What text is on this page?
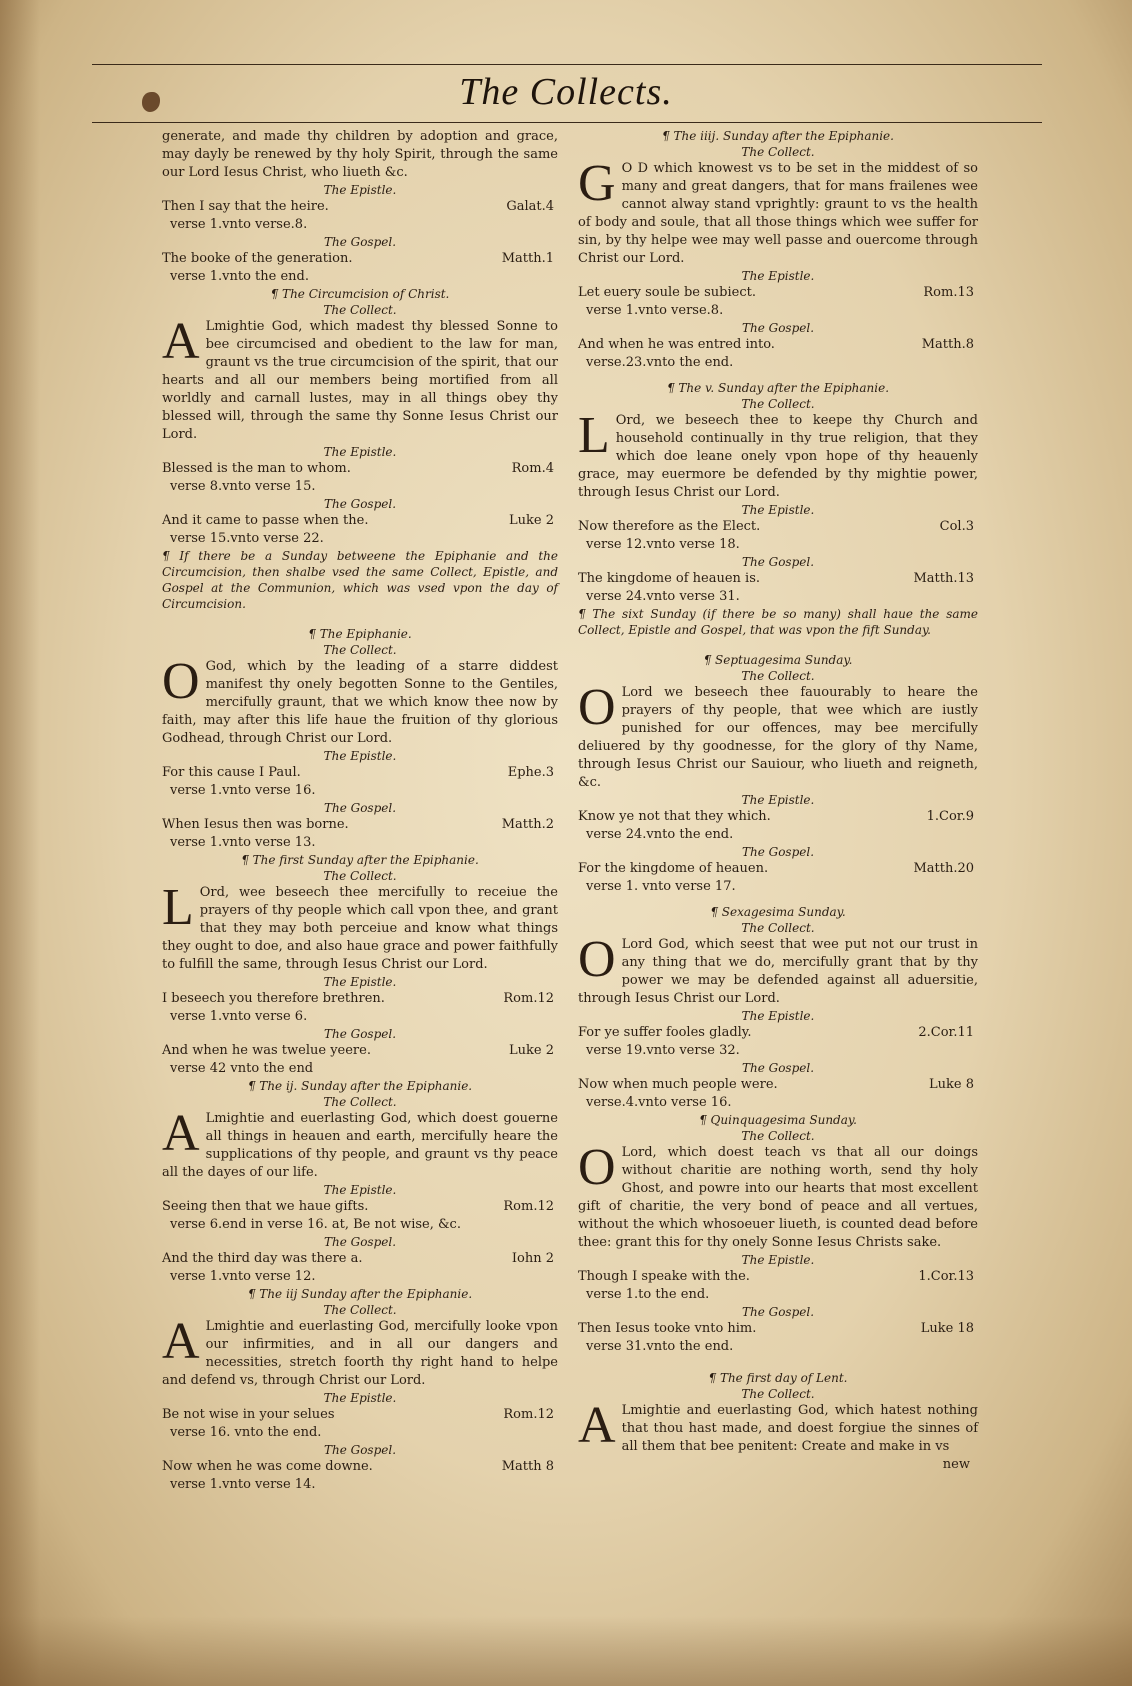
The Collects.

generate, and made thy children by adoption and grace, may dayly be renewed by thy holy Spirit, through the same our Lord Iesus Christ, who liueth &c.

The Epistle.

Then I say that the heire.	Galat.4

verse 1.vnto verse.8.

The Gospel.

The booke of the generation.	Matth.1

verse 1.vnto the end.

¶ The Circumcision of Christ.

The Collect.

A Lmightie God, which madest thy blessed Sonne to bee circumcised and obedient to the law for man, graunt vs the true circumcision of the spirit, that our hearts and all our members being mortified from all worldly and carnall lustes, may in all things obey thy blessed will, through the same thy Sonne Iesus Christ our Lord.

The Epistle.

Blessed is the man to whom.	Rom.4

verse 8.vnto verse 15.

The Gospel.

And it came to passe when the.	Luke 2

verse 15.vnto verse 22.

¶ If there be a Sunday betweene the Epiphanie and the Circumcision, then shalbe vsed the same Collect, Epistle, and Gospel at the Communion, which was vsed vpon the day of Circumcision.

¶ The Epiphanie.

The Collect.

O God, which by the leading of a starre diddest manifest thy onely begotten Sonne to the Gentiles, mercifully graunt, that we which know thee now by faith, may after this life haue the fruition of thy glorious Godhead, through Christ our Lord.

The Epistle.

For this cause I Paul.	Ephe.3

verse 1.vnto verse 16.

The Gospel.

When Iesus then was borne.	Matth.2

verse 1.vnto verse 13.

¶ The first Sunday after the Epiphanie.

The Collect.

L Ord, wee beseech thee mercifully to receiue the prayers of thy people which call vpon thee, and grant that they may both perceiue and know what things they ought to doe, and also haue grace and power faithfully to fulfill the same, through Iesus Christ our Lord.

The Epistle.

I beseech you therefore brethren.	Rom.12

verse 1.vnto verse 6.

The Gospel.

And when he was twelue yeere.	Luke 2

verse 42 vnto the end

¶ The ij. Sunday after the Epiphanie.

The Collect.

A Lmightie and euerlasting God, which doest gouerne all things in heauen and earth, mercifully heare the supplications of thy people, and graunt vs thy peace all the dayes of our life.

The Epistle.

Seeing then that we haue gifts.	Rom.12

verse 6.end in verse 16. at, Be not wise, &c.

The Gospel.

And the third day was there a.	Iohn 2

verse 1.vnto verse 12.

¶ The iij Sunday after the Epiphanie.

The Collect.

A Lmightie and euerlasting God, mercifully looke vpon our infirmities, and in all our dangers and necessities, stretch foorth thy right hand to helpe and defend vs, through Christ our Lord.

The Epistle.

Be not wise in your selues	Rom.12

verse 16. vnto the end.

The Gospel.

Now when he was come downe.	Matth 8

verse 1.vnto verse 14.

¶ The iiij. Sunday after the Epiphanie.

The Collect.

G O D which knowest vs to be set in the middest of so many and great dangers, that for mans frailenes wee cannot alway stand vprightly: graunt to vs the health of body and soule, that all those things which wee suffer for sin, by thy helpe wee may well passe and ouercome through Christ our Lord.

The Epistle.

Let euery soule be subiect.	Rom.13

verse 1.vnto verse.8.

The Gospel.

And when he was entred into.	Matth.8

verse.23.vnto the end.

¶ The v. Sunday after the Epiphanie.

The Collect.

L Ord, we beseech thee to keepe thy Church and household continually in thy true religion, that they which doe leane onely vpon hope of thy heauenly grace, may euermore be defended by thy mightie power, through Iesus Christ our Lord.

The Epistle.

Now therefore as the Elect.	Col.3

verse 12.vnto verse 18.

The Gospel.

The kingdome of heauen is.	Matth.13

verse 24.vnto verse 31.

¶ The sixt Sunday (if there be so many) shall haue the same Collect, Epistle and Gospel, that was vpon the fift Sunday.

¶ Septuagesima Sunday.

The Collect.

O Lord we beseech thee fauourably to heare the prayers of thy people, that wee which are iustly punished for our offences, may bee mercifully deliuered by thy goodnesse, for the glory of thy Name, through Iesus Christ our Sauiour, who liueth and reigneth, &c.

The Epistle.

Know ye not that they which.	1.Cor.9

verse 24.vnto the end.

The Gospel.

For the kingdome of heauen.	Matth.20

verse 1. vnto verse 17.

¶ Sexagesima Sunday.

The Collect.

O Lord God, which seest that wee put not our trust in any thing that we do, mercifully grant that by thy power we may be defended against all aduersitie, through Iesus Christ our Lord.

The Epistle.

For ye suffer fooles gladly.	2.Cor.11

verse 19.vnto verse 32.

The Gospel.

Now when much people were.	Luke 8

verse.4.vnto verse 16.

¶ Quinquagesima Sunday.

The Collect.

O Lord, which doest teach vs that all our doings without charitie are nothing worth, send thy holy Ghost, and powre into our hearts that most excellent gift of charitie, the very bond of peace and all vertues, without the which whosoeuer liueth, is counted dead before thee: grant this for thy onely Sonne Iesus Christs sake.

The Epistle.

Though I speake with the.	1.Cor.13

verse 1.to the end.

The Gospel.

Then Iesus tooke vnto him.	Luke 18

verse 31.vnto the end.

¶ The first day of Lent.

The Collect.

A Lmightie and euerlasting God, which hatest nothing that thou hast made, and doest forgiue the sinnes of all them that bee penitent: Create and make in vs

new
